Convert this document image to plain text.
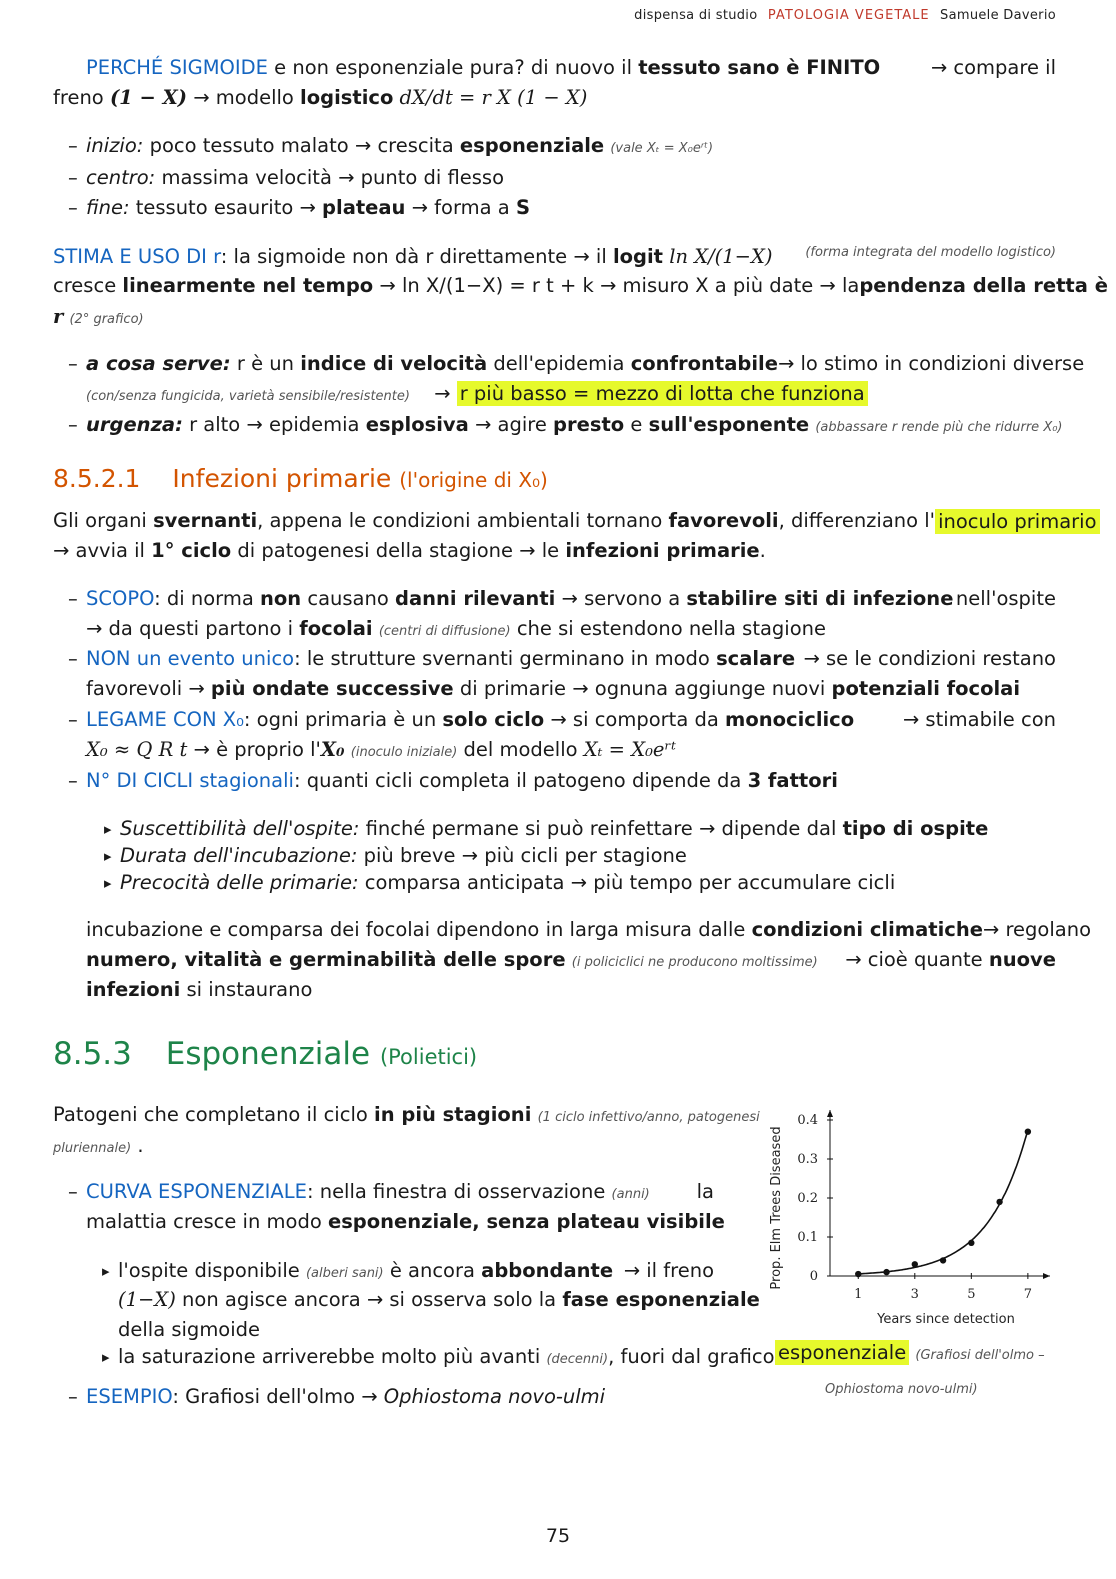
dispensa di studio PATOLOGIA VEGETALE Samuele Daverio
PERCHÉ SIGMOIDE e non esponenziale pura? di nuovo il tessuto sano è FINITO	→ compare il
freno (1 − X) → modello logistico dX/dt = r X (1 − X)
– inizio: poco tessuto malato → crescita esponenziale (vale Xₜ = X₀eʳᵗ)
– centro: massima velocità → punto di flesso
– fine: tessuto esaurito → plateau → forma a S
STIMA E USO DI r: la sigmoide non dà r direttamente → il logit ln X/(1−X)	(forma integrata del modello logistico)
cresce linearmente nel tempo → ln X/(1−X) = r t + k → misuro X a più date → la pendenza della retta è
r (2° grafico)
– a cosa serve: r è un indice di velocità dell'epidemia confrontabile → lo stimo in condizioni diverse
(con/senza fungicida, varietà sensibile/resistente) → r più basso = mezzo di lotta che funziona
– urgenza: r alto → epidemia esplosiva → agire presto e sull'esponente (abbassare r rende più che ridurre X₀)
8.5.2.1 Infezioni primarie (l'origine di X₀)
Gli organi svernanti, appena le condizioni ambientali tornano favorevoli, differenziano l' inoculo primario
→ avvia il 1° ciclo di patogenesi della stagione → le infezioni primarie.
– SCOPO: di norma non causano danni rilevanti → servono a stabilire siti di infezione nell'ospite
→ da questi partono i focolai (centri di diffusione) che si estendono nella stagione
– NON un evento unico: le strutture svernanti germinano in modo scalare → se le condizioni restano
favorevoli → più ondate successive di primarie → ognuna aggiunge nuovi potenziali focolai
– LEGAME CON X₀: ogni primaria è un solo ciclo → si comporta da monociclico → stimabile con
X₀ ≈ Q R t → è proprio l'X₀ (inoculo iniziale) del modello Xₜ = X₀eʳᵗ
– N° DI CICLI stagionali: quanti cicli completa il patogeno dipende da 3 fattori
▸ Suscettibilità dell'ospite: finché permane si può reinfettare → dipende dal tipo di ospite
▸ Durata dell'incubazione: più breve → più cicli per stagione
▸ Precocità delle primarie: comparsa anticipata → più tempo per accumulare cicli
incubazione e comparsa dei focolai dipendono in larga misura dalle condizioni climatiche → regolano
numero, vitalità e germinabilità delle spore (i policiclici ne producono moltissime) → cioè quante nuove
infezioni si instaurano
8.5.3 Esponenziale (Polietici)
Patogeni che completano il ciclo in più stagioni (1 ciclo infettivo/anno, patogenesi
pluriennale) .
– CURVA ESPONENZIALE: nella finestra di osservazione (anni) la
malattia cresce in modo esponenziale, senza plateau visibile
▸ l'ospite disponibile (alberi sani) è ancora abbondante → il freno
(1−X) non agisce ancora → si osserva solo la fase esponenziale
della sigmoide
▸ la saturazione arriverebbe molto più avanti (decenni), fuori dal grafico
– ESEMPIO: Grafiosi dell'olmo → Ophiostoma novo-ulmi
0
0.1
0.2
0.3
0.4
1	3	5	7
Years since detection
Prop. Elm Trees Diseased
esponenziale (Grafiosi dell'olmo –
Ophiostoma novo-ulmi)
75
